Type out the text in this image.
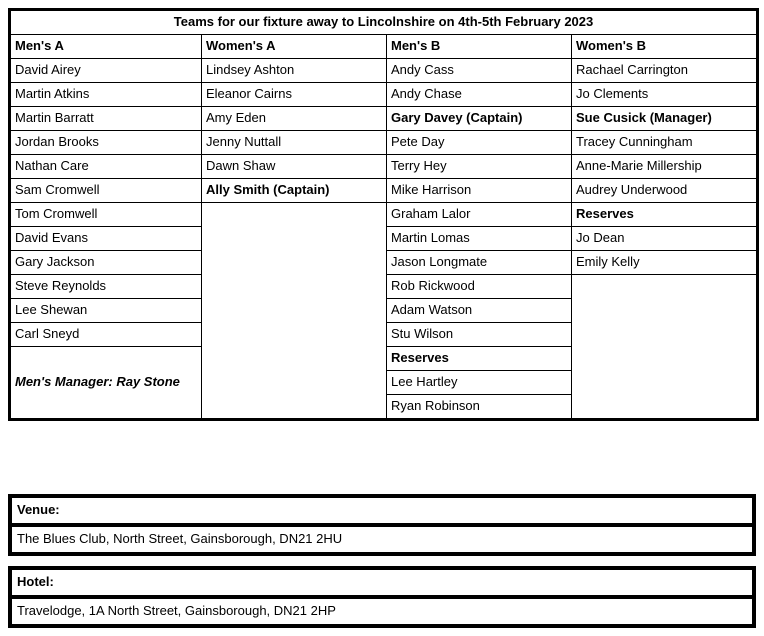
Teams for our fixture away to Lincolnshire on 4th-5th February 2023			
Men's A	Women's A	Men's B	Women's B
David Airey	Lindsey Ashton	Andy Cass	Rachael Carrington
Martin Atkins	Eleanor Cairns	Andy Chase	Jo Clements
Martin Barratt	Amy Eden	Gary Davey (Captain)	Sue Cusick (Manager)
Jordan Brooks	Jenny Nuttall	Pete Day	Tracey Cunningham
Nathan Care	Dawn Shaw	Terry Hey	Anne-Marie Millership
Sam Cromwell	Ally Smith (Captain)	Mike Harrison	Audrey Underwood
Tom Cromwell		Graham Lalor	Reserves
David Evans		Martin Lomas	Jo Dean
Gary Jackson		Jason Longmate	Emily Kelly
Steve Reynolds		Rob Rickwood	
Lee Shewan		Adam Watson	
Carl Sneyd		Stu Wilson	
Men's Manager: Ray Stone		Reserves	
		Lee Hartley	
		Ryan Robinson	
Venue:
The Blues Club, North Street, Gainsborough, DN21 2HU
Hotel:
Travelodge, 1A North Street, Gainsborough, DN21 2HP
